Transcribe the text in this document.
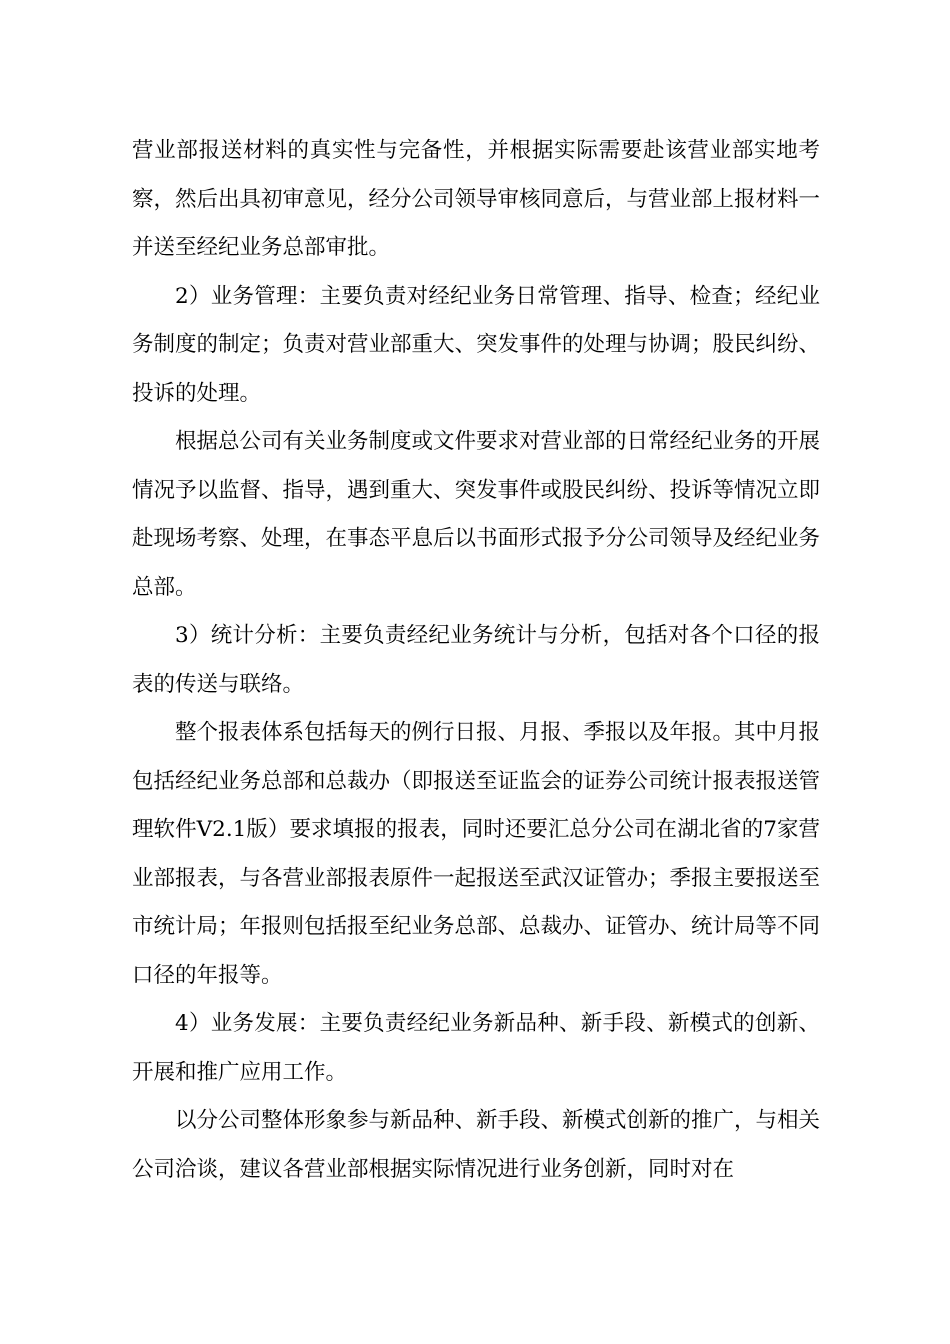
营业部报送材料的真实性与完备性，并根据实际需要赴该营业部实地考察，然后出具初审意见，经分公司领导审核同意后，与营业部上报材料一并送至经纪业务总部审批。

2）业务管理：主要负责对经纪业务日常管理、指导、检查；经纪业务制度的制定；负责对营业部重大、突发事件的处理与协调；股民纠纷、投诉的处理。

根据总公司有关业务制度或文件要求对营业部的日常经纪业务的开展情况予以监督、指导，遇到重大、突发事件或股民纠纷、投诉等情况立即赴现场考察、处理，在事态平息后以书面形式报予分公司领导及经纪业务总部。

3）统计分析：主要负责经纪业务统计与分析，包括对各个口径的报表的传送与联络。

整个报表体系包括每天的例行日报、月报、季报以及年报。其中月报包括经纪业务总部和总裁办（即报送至证监会的证券公司统计报表报送管理软件V2.1版）要求填报的报表，同时还要汇总分公司在湖北省的7家营业部报表，与各营业部报表原件一起报送至武汉证管办；季报主要报送至市统计局；年报则包括报至纪业务总部、总裁办、证管办、统计局等不同口径的年报等。

4）业务发展：主要负责经纪业务新品种、新手段、新模式的创新、开展和推广应用工作。

以分公司整体形象参与新品种、新手段、新模式创新的推广，与相关公司洽谈，建议各营业部根据实际情况进行业务创新，同时对在
